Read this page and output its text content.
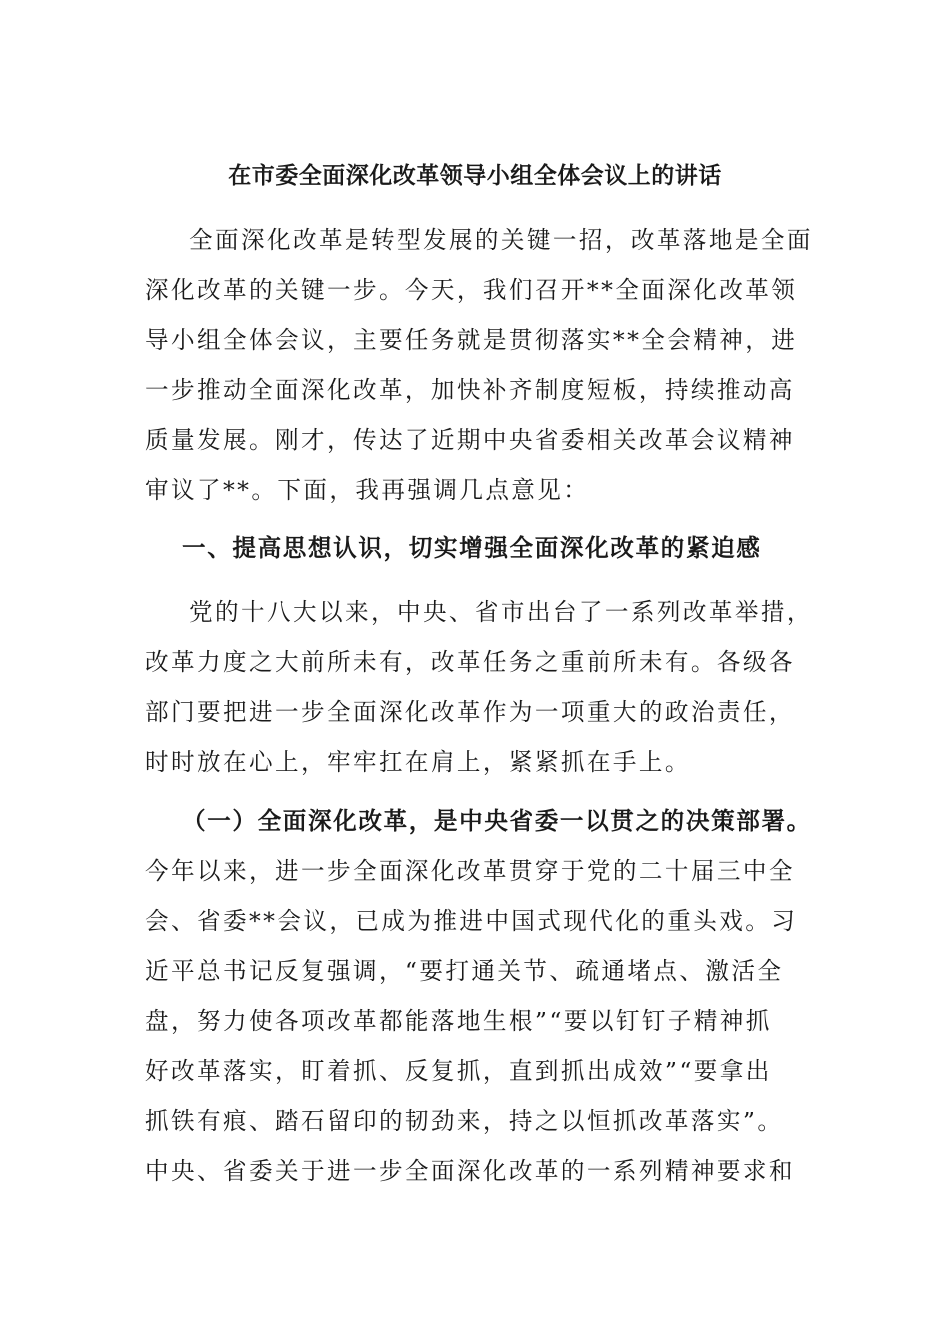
在市委全面深化改革领导小组全体会议上的讲话
全面深化改革是转型发展的关键一招，改革落地是全面
深化改革的关键一步。今天，我们召开**全面深化改革领
导小组全体会议，主要任务就是贯彻落实**全会精神，进
一步推动全面深化改革，加快补齐制度短板，持续推动高
质量发展。刚才，传达了近期中央省委相关改革会议精神
审议了**。下面，我再强调几点意见：
一、提高思想认识，切实增强全面深化改革的紧迫感
党的十八大以来，中央、省市出台了一系列改革举措，
改革力度之大前所未有，改革任务之重前所未有。各级各
部门要把进一步全面深化改革作为一项重大的政治责任，
时时放在心上，牢牢扛在肩上，紧紧抓在手上。
（一）全面深化改革，是中央省委一以贯之的决策部署。
今年以来，进一步全面深化改革贯穿于党的二十届三中全
会、省委**会议，已成为推进中国式现代化的重头戏。习
近平总书记反复强调，“要打通关节、疏通堵点、激活全
盘，努力使各项改革都能落地生根”“要以钉钉子精神抓
好改革落实，盯着抓、反复抓，直到抓出成效”“要拿出
抓铁有痕、踏石留印的韧劲来，持之以恒抓改革落实”。
中央、省委关于进一步全面深化改革的一系列精神要求和
